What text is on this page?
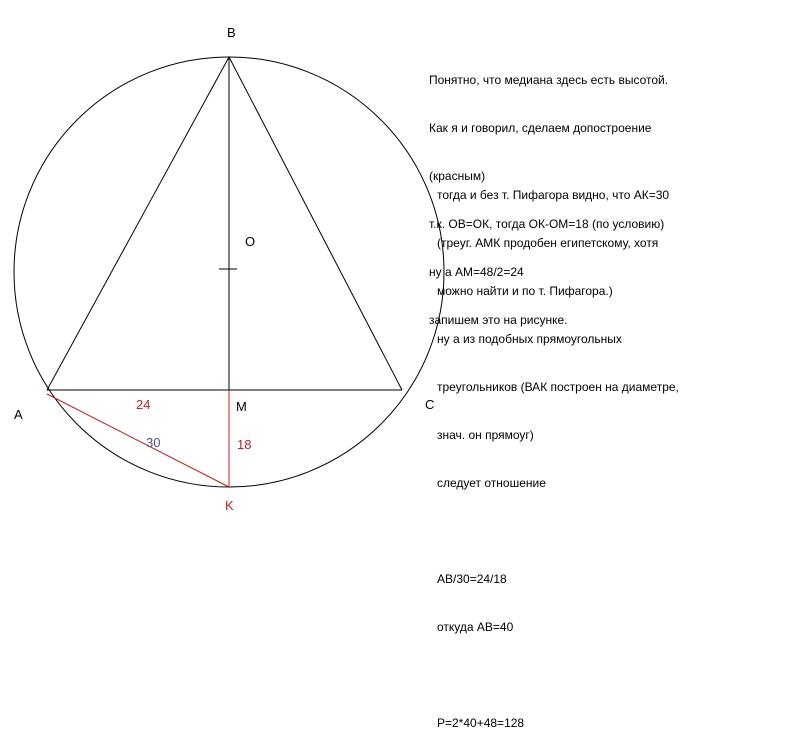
B
O
A
M	C
K
24
30	18

Понятно, что медиана здесь есть высотой.

Как я и говорил, сделаем допостроение

(красным)

т.к. ОВ=ОК, тогда ОК-ОМ=18 (по условию)

ну а АМ=48/2=24

запишем это на рисунке.

тогда и без т. Пифагора видно, что АК=30

(треуг. АМК продобен египетскому, хотя

можно найти и по т. Пифагора.)

ну а из подобных прямоугольных

треугольников (ВАК построен на диаметре,

знач. он прямоуг)

следует отношение

AB/30=24/18

откуда AB=40

P=2*40+48=128
